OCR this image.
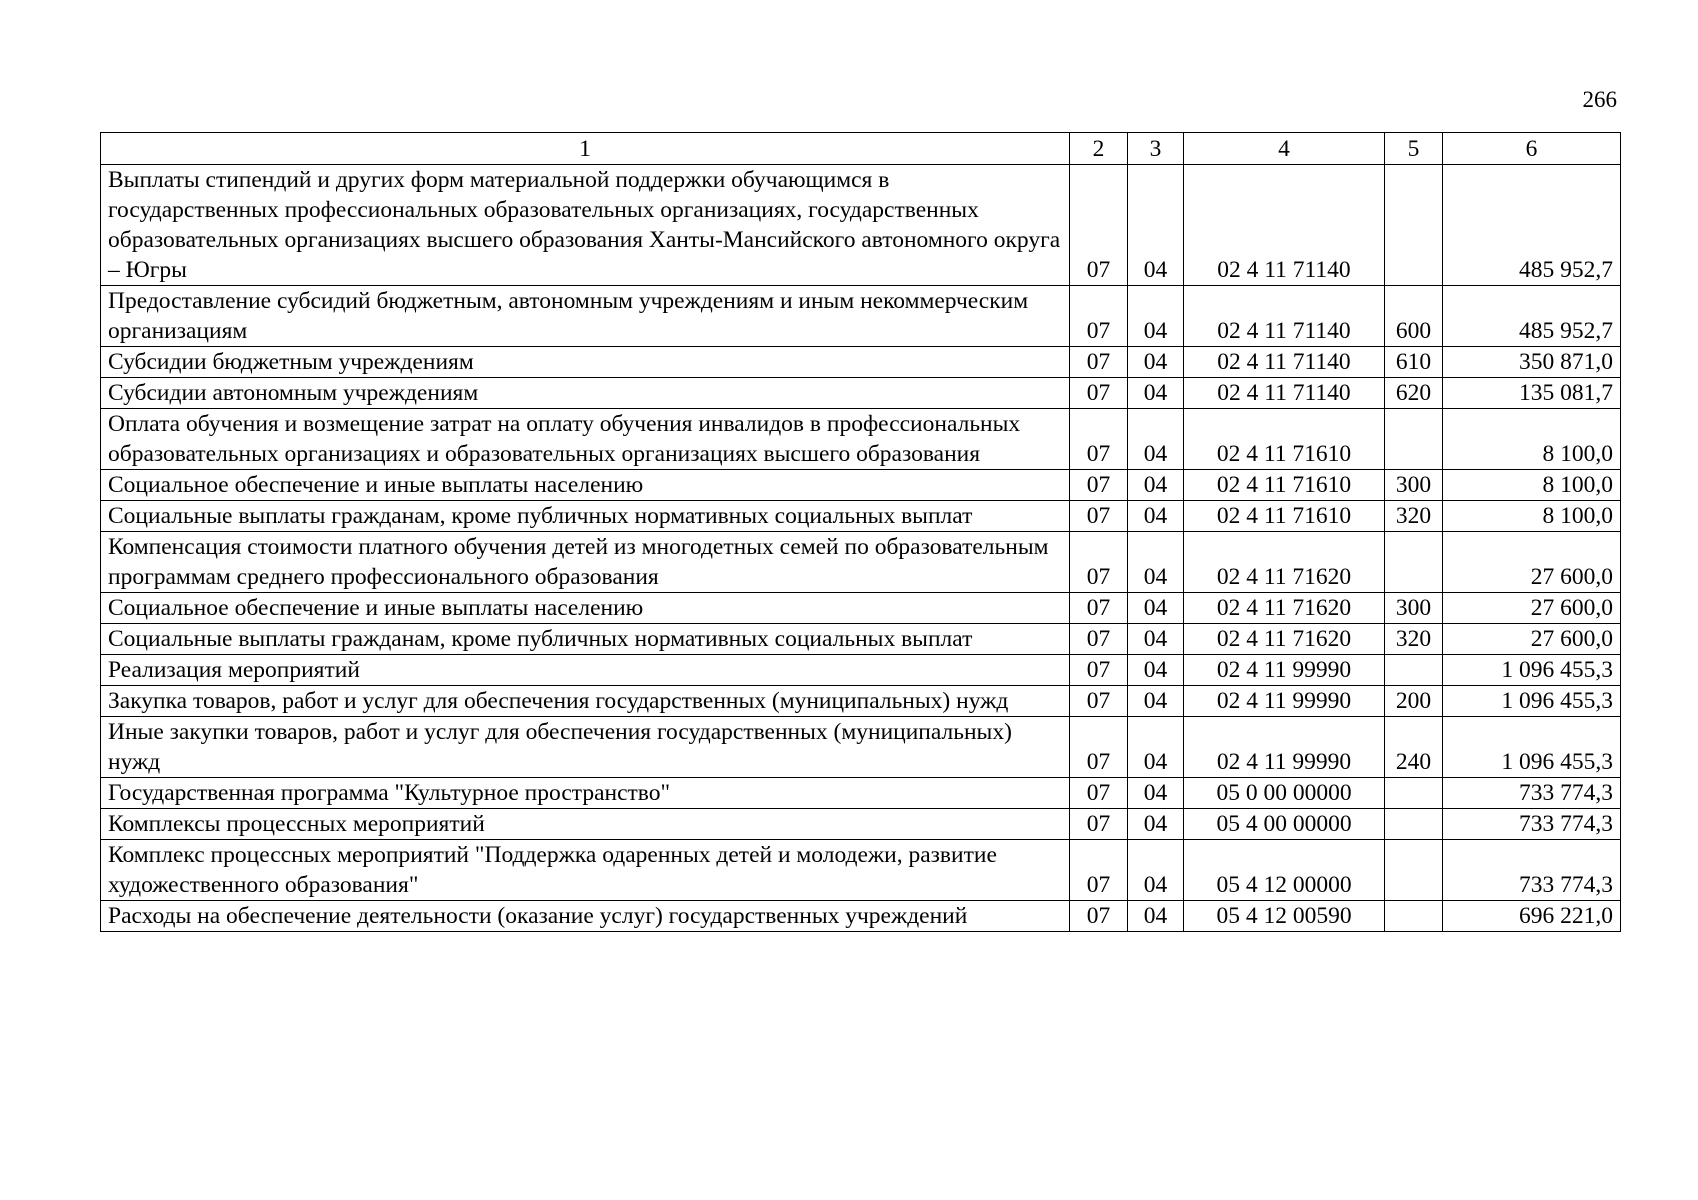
266
1	2	3	4	5	6
Выплаты стипендий и других форм материальной поддержки обучающимся в государственных профессиональных образовательных организациях, государственных образовательных организациях высшего образования Ханты-Мансийского автономного округа – Югры	07	04	02 4 11 71140		485 952,7
Предоставление субсидий бюджетным, автономным учреждениям и иным некоммерческим организациям	07	04	02 4 11 71140	600	485 952,7
Субсидии бюджетным учреждениям	07	04	02 4 11 71140	610	350 871,0
Субсидии автономным учреждениям	07	04	02 4 11 71140	620	135 081,7
Оплата обучения и возмещение затрат на оплату обучения инвалидов в профессиональных образовательных организациях и образовательных организациях высшего образования	07	04	02 4 11 71610		8 100,0
Социальное обеспечение и иные выплаты населению	07	04	02 4 11 71610	300	8 100,0
Социальные выплаты гражданам, кроме публичных нормативных социальных выплат	07	04	02 4 11 71610	320	8 100,0
Компенсация стоимости платного обучения детей из многодетных семей по образовательным программам среднего профессионального образования	07	04	02 4 11 71620		27 600,0
Социальное обеспечение и иные выплаты населению	07	04	02 4 11 71620	300	27 600,0
Социальные выплаты гражданам, кроме публичных нормативных социальных выплат	07	04	02 4 11 71620	320	27 600,0
Реализация мероприятий	07	04	02 4 11 99990		1 096 455,3
Закупка товаров, работ и услуг для обеспечения государственных (муниципальных) нужд	07	04	02 4 11 99990	200	1 096 455,3
Иные закупки товаров, работ и услуг для обеспечения государственных (муниципальных) нужд	07	04	02 4 11 99990	240	1 096 455,3
Государственная программа "Культурное пространство"	07	04	05 0 00 00000		733 774,3
Комплексы процессных мероприятий	07	04	05 4 00 00000		733 774,3
Комплекс процессных мероприятий "Поддержка одаренных детей и молодежи, развитие художественного образования"	07	04	05 4 12 00000		733 774,3
Расходы на обеспечение деятельности (оказание услуг) государственных учреждений	07	04	05 4 12 00590		696 221,0
